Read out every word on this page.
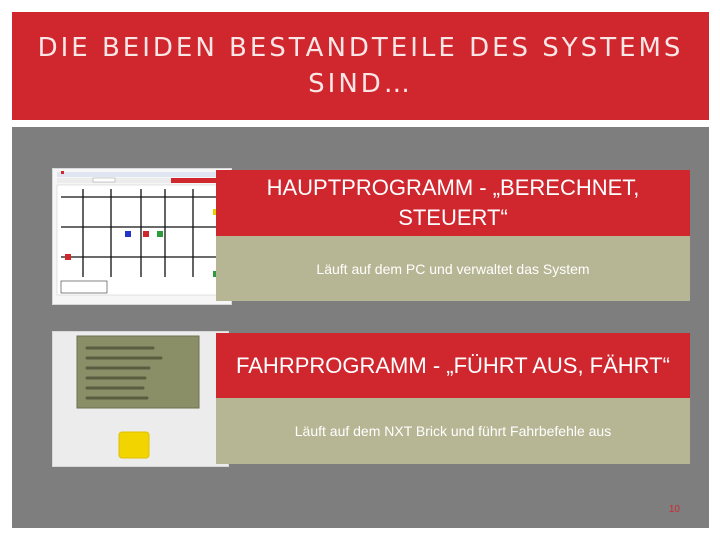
DIE BEIDEN BESTANDTEILE DES SYSTEMS SIND…
HAUPTPROGRAMM - „BERECHNET, STEUERT“
Läuft auf dem PC und verwaltet das System
FAHRPROGRAMM - „FÜHRT AUS, FÄHRT“
Läuft auf dem NXT Brick und führt Fahrbefehle aus
10
